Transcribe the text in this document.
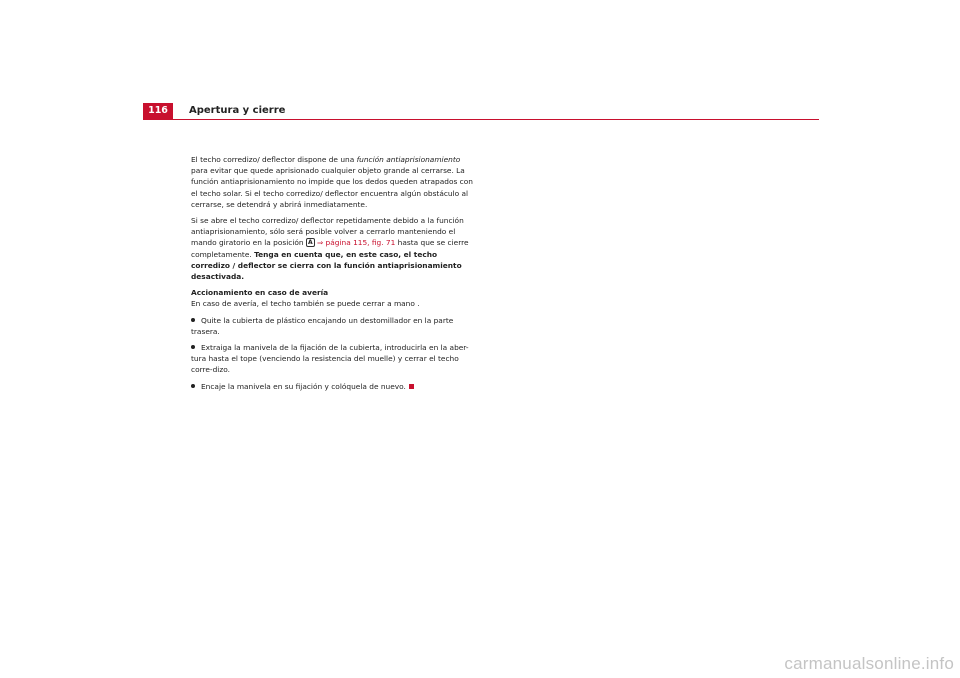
116	Apertura y cierre

El techo corredizo/ deflector dispone de una función antiaprisionamiento para evitar que quede aprisionado cualquier objeto grande al cerrarse. La función antiaprisionamiento no impide que los dedos queden atrapados con el techo solar. Si el techo corredizo/ deflector encuentra algún obstáculo al cerrarse, se detendrá y abrirá inmediatamente.

Si se abre el techo corredizo/ deflector repetidamente debido a la función antiaprisionamiento, sólo será posible volver a cerrarlo manteniendo el mando giratorio en la posición A ⇒ página 115, fig. 71 hasta que se cierre completamente. Tenga en cuenta que, en este caso, el techo corredizo / deflector se cierra con la función antiaprisionamiento desactivada.

Accionamiento en caso de avería

En caso de avería, el techo también se puede cerrar a mano .

Quite la cubierta de plástico encajando un destomillador en la parte trasera.

Extraiga la manivela de la fijación de la cubierta, introducirla en la aber-tura hasta el tope (venciendo la resistencia del muelle) y cerrar el techo corre-dizo.

Encaje la manivela en su fijación y colóquela de nuevo.

carmanualsonline.info
